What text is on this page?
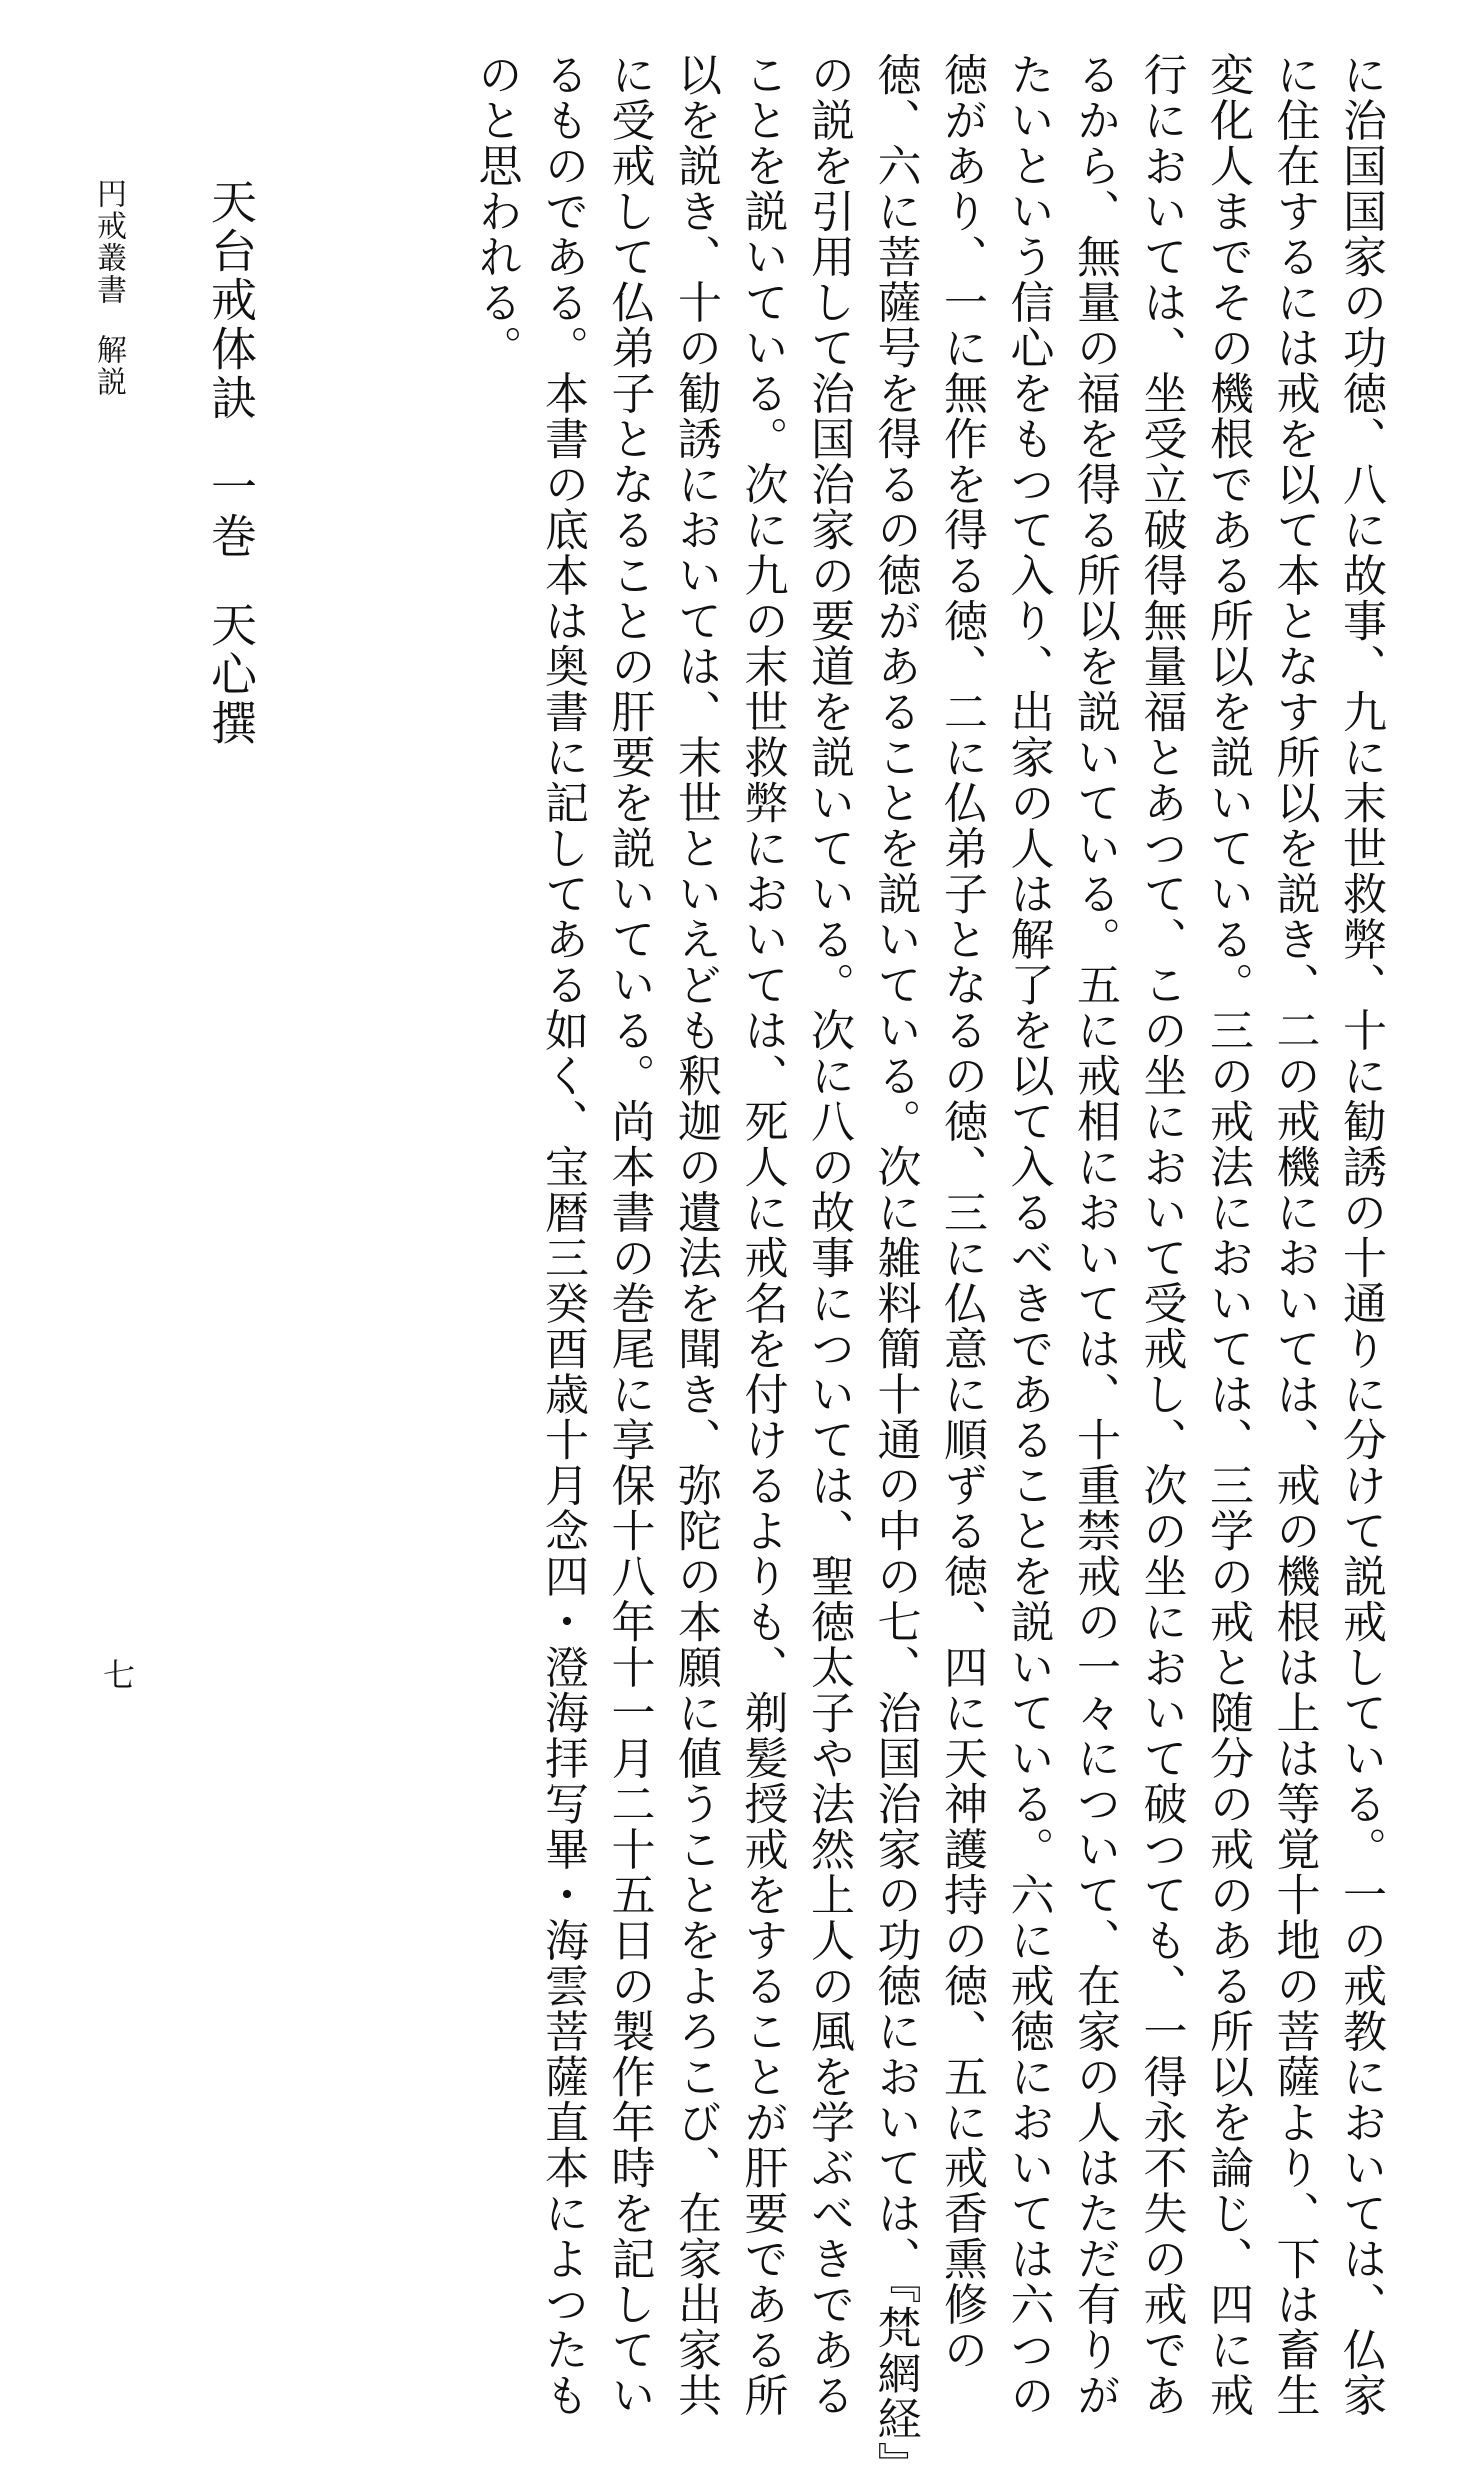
に治国国家の功徳、八に故事、九に末世救弊、十に勧誘の十通りに分けて説戒している。一の戒教においては、仏家
に住在するには戒を以て本となす所以を説き、二の戒機においては、戒の機根は上は等覚十地の菩薩より、下は畜生
変化人までその機根である所以を説いている。三の戒法においては、三学の戒と随分の戒のある所以を論じ、四に戒
行においては、坐受立破得無量福とあつて、この坐において受戒し、次の坐において破つても、一得永不失の戒であ
るから、無量の福を得る所以を説いている。五に戒相においては、十重禁戒の一々について、在家の人はただ有りが
たいという信心をもつて入り、出家の人は解了を以て入るべきであることを説いている。六に戒徳においては六つの
徳があり、一に無作を得る徳、二に仏弟子となるの徳、三に仏意に順ずる徳、四に天神護持の徳、五に戒香熏修の
徳、六に菩薩号を得るの徳があることを説いている。次に雑料簡十通の中の七、治国治家の功徳においては、『梵網経』
の説を引用して治国治家の要道を説いている。次に八の故事については、聖徳太子や法然上人の風を学ぶべきである
ことを説いている。次に九の末世救弊においては、死人に戒名を付けるよりも、剃髪授戒をすることが肝要である所
以を説き、十の勧誘においては、末世といえども釈迦の遺法を聞き、弥陀の本願に値うことをよろこび、在家出家共
に受戒して仏弟子となることの肝要を説いている。尚本書の巻尾に享保十八年十一月二十五日の製作年時を記してい
るものである。本書の底本は奥書に記してある如く、宝暦三癸酉歳十月念四・澄海拝写畢・海雲菩薩直本によつたも
のと思われる。
天台戒体訣一巻天心撰
円戒叢書解説
七
